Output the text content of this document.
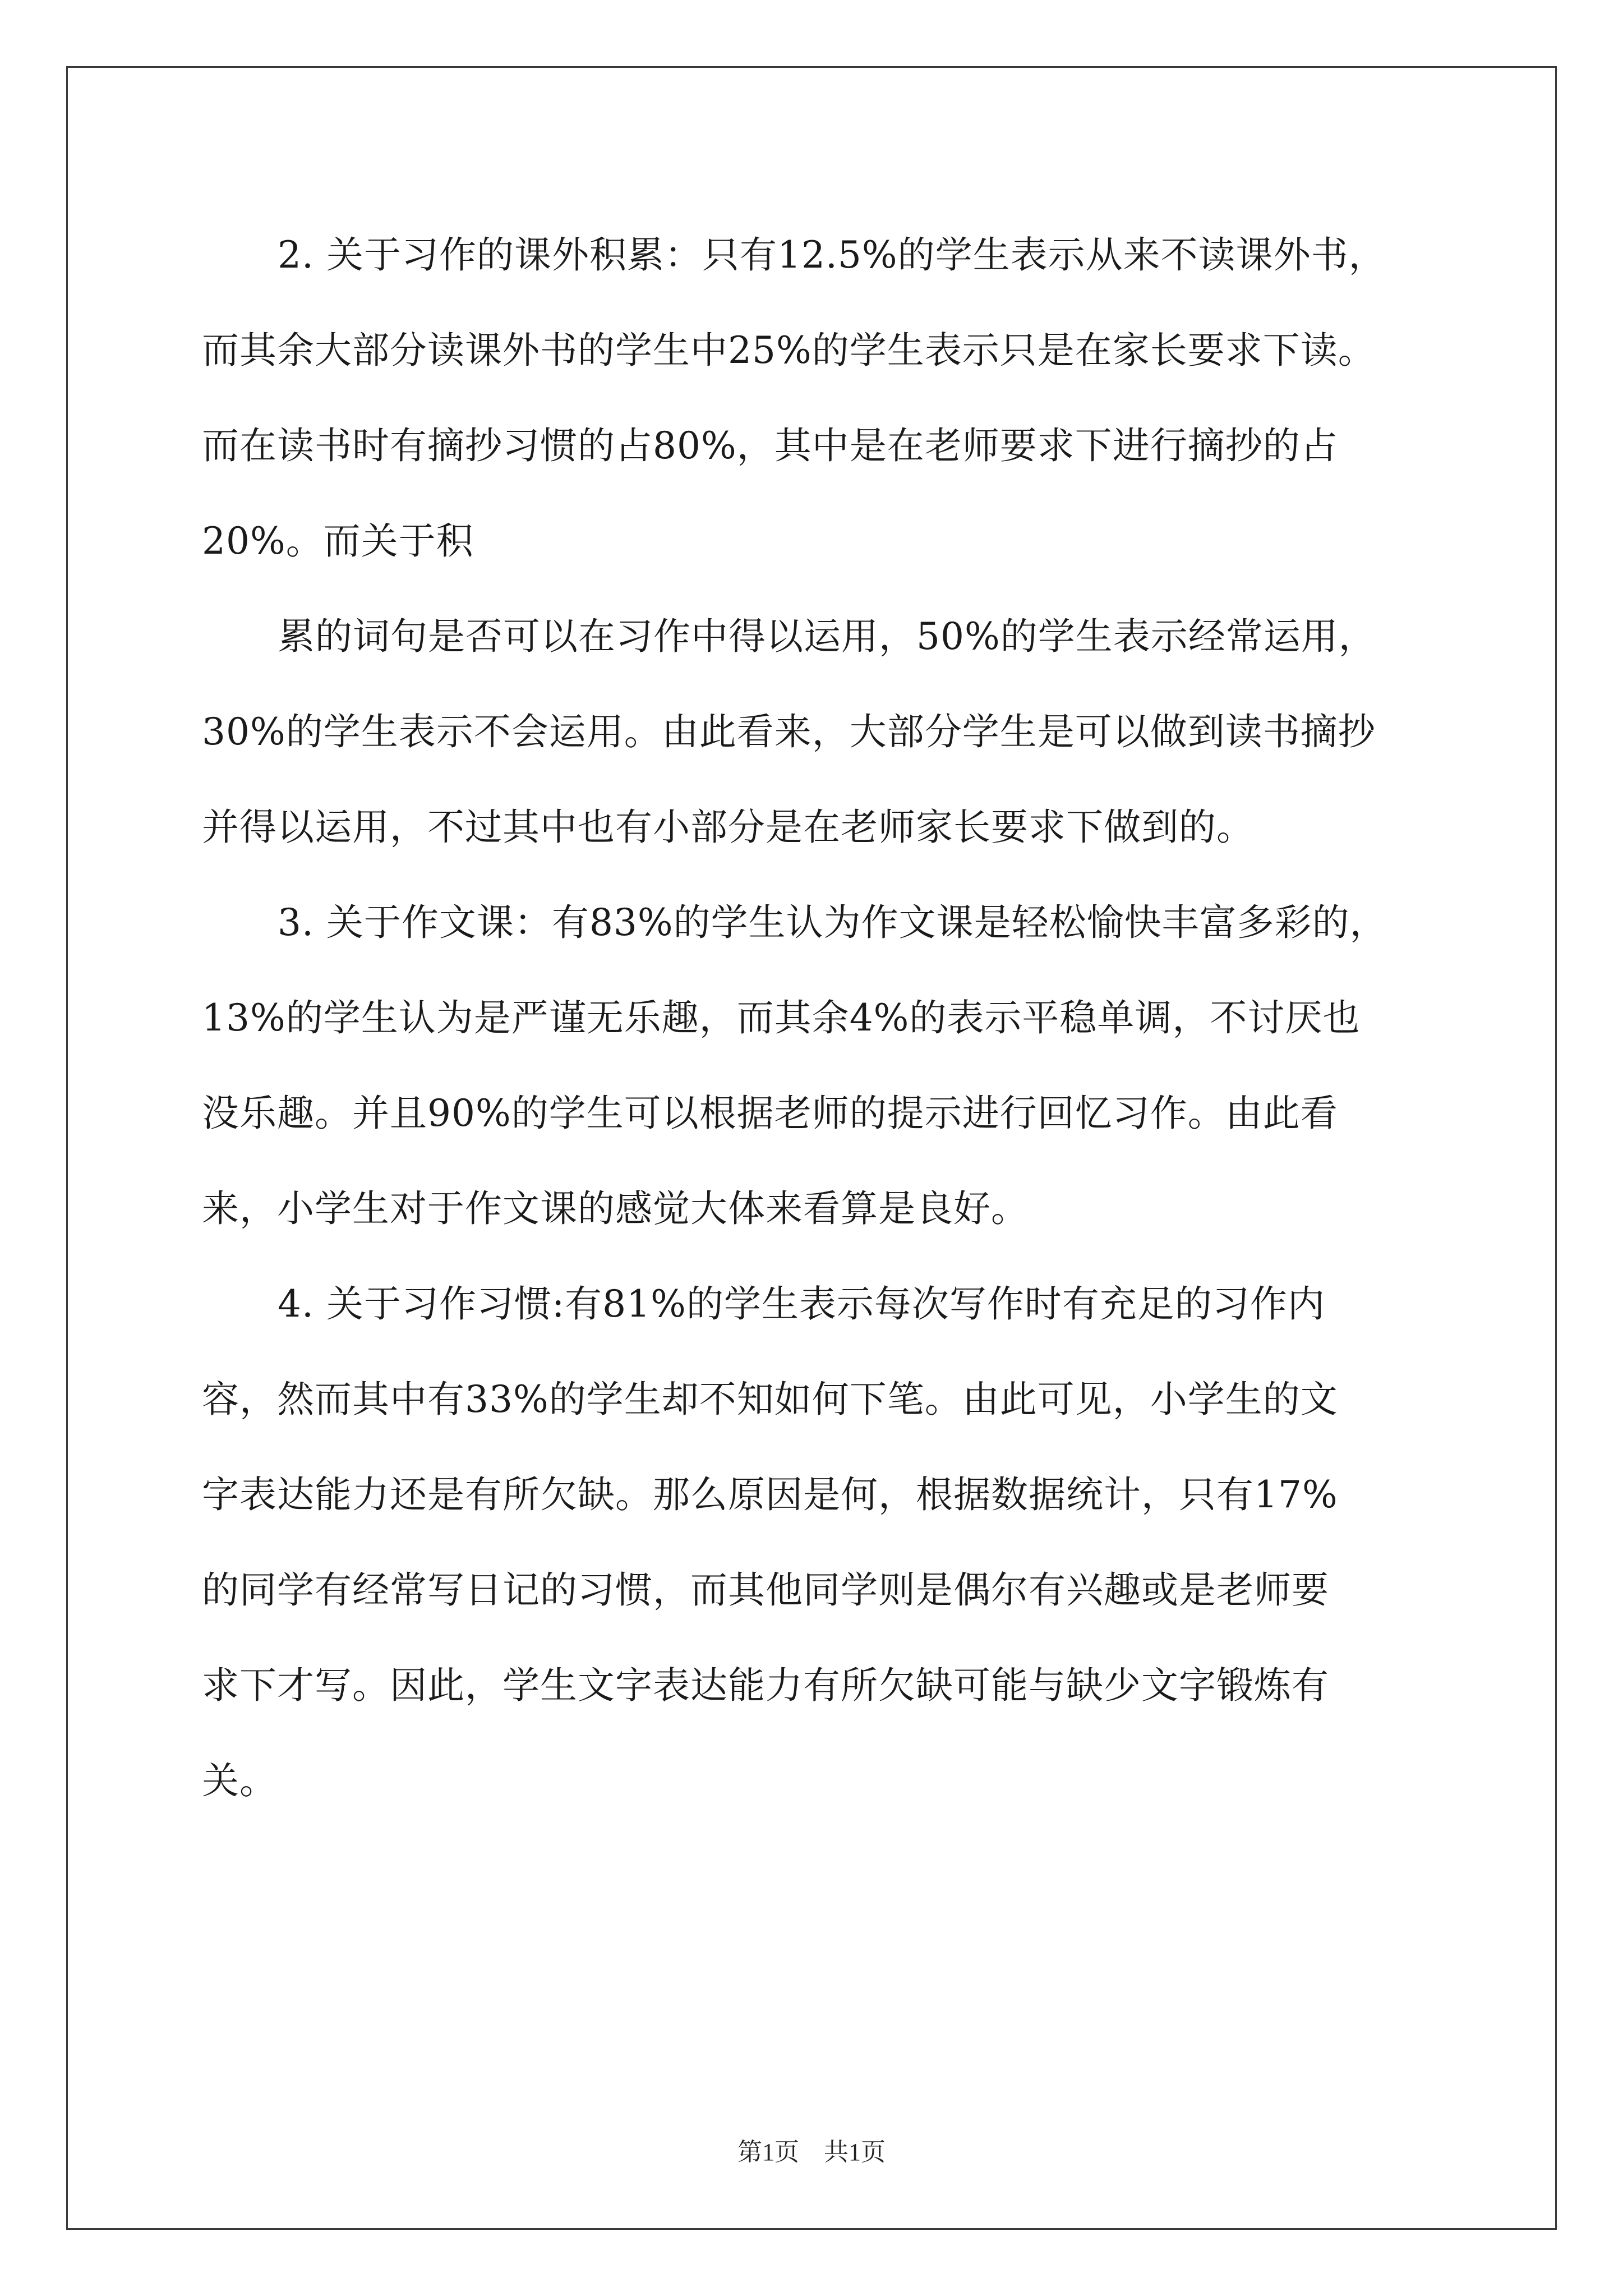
2. 关于习作的课外积累：只有12.5%的学生表示从来不读课外书，
而其余大部分读课外书的学生中25%的学生表示只是在家长要求下读。
而在读书时有摘抄习惯的占80%，其中是在老师要求下进行摘抄的占
20%。而关于积
累的词句是否可以在习作中得以运用，50%的学生表示经常运用，
30%的学生表示不会运用。由此看来，大部分学生是可以做到读书摘抄
并得以运用，不过其中也有小部分是在老师家长要求下做到的。
3. 关于作文课：有83%的学生认为作文课是轻松愉快丰富多彩的，
13%的学生认为是严谨无乐趣，而其余4%的表示平稳单调，不讨厌也
没乐趣。并且90%的学生可以根据老师的提示进行回忆习作。由此看
来，小学生对于作文课的感觉大体来看算是良好。
4. 关于习作习惯:有81%的学生表示每次写作时有充足的习作内
容，然而其中有33%的学生却不知如何下笔。由此可见，小学生的文
字表达能力还是有所欠缺。那么原因是何，根据数据统计，只有17%
的同学有经常写日记的习惯，而其他同学则是偶尔有兴趣或是老师要
求下才写。因此，学生文字表达能力有所欠缺可能与缺少文字锻炼有
关。
第1页　共1页
